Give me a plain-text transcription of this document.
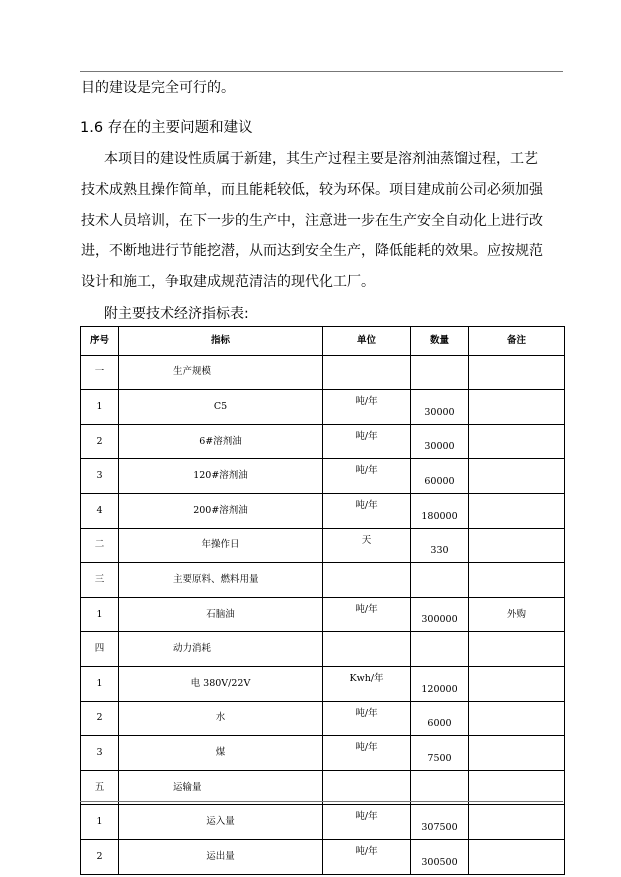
目的建设是完全可行的。
1.6 存在的主要问题和建议
本项目的建设性质属于新建，其生产过程主要是溶剂油蒸馏过程，工艺
技术成熟且操作简单，而且能耗较低，较为环保。项目建成前公司必须加强
技术人员培训，在下一步的生产中，注意进一步在生产安全自动化上进行改
进，不断地进行节能挖潜，从而达到安全生产，降低能耗的效果。应按规范
设计和施工，争取建成规范清洁的现代化工厂。
附主要技术经济指标表:
序号	指标	单位	数量	备注
一	生产规模			
1	C5	吨/年	30000	
2	6#溶剂油	吨/年	30000	
3	120#溶剂油	吨/年	60000	
4	200#溶剂油	吨/年	180000	
二	年操作日	天	330	
三	主要原料、燃料用量			
1	石脑油	吨/年	300000	外购
四	动力消耗			
1	电 380V/22V	Kwh/年	120000	
2	水	吨/年	6000	
3	煤	吨/年	7500	
五	运输量			
1	运入量	吨/年	307500	
2	运出量	吨/年	300500	
